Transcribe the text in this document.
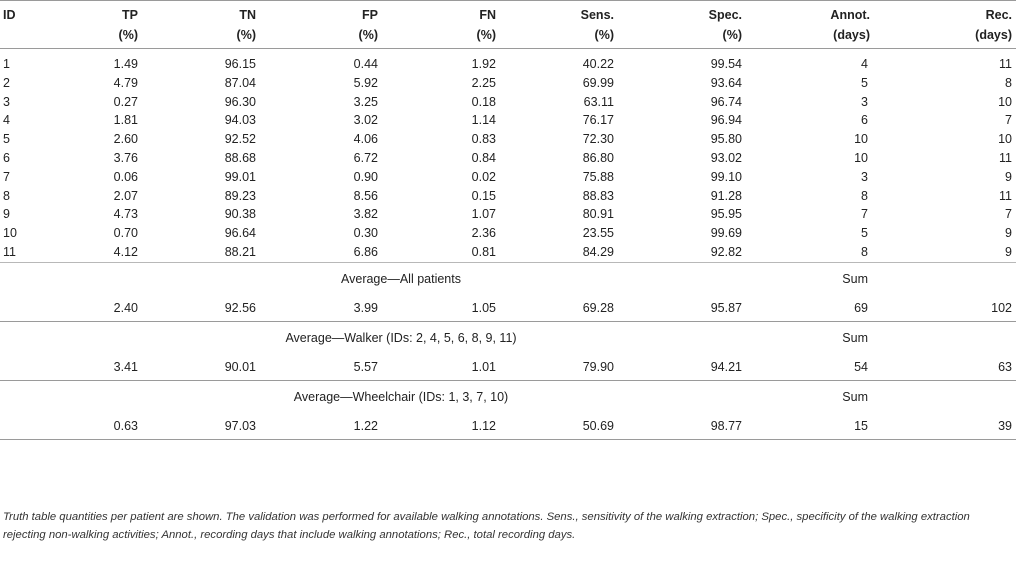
ID	TP	TN	FP	FN	Sens.	Spec.	Annot.	Rec.
	(%)	(%)	(%)	(%)	(%)	(%)	(days)	(days)

1	1.49	96.15	0.44	1.92	40.22	99.54	4	11
2	4.79	87.04	5.92	2.25	69.99	93.64	5	8
3	0.27	96.30	3.25	0.18	63.11	96.74	3	10
4	1.81	94.03	3.02	1.14	76.17	96.94	6	7
5	2.60	92.52	4.06	0.83	72.30	95.80	10	10
6	3.76	88.68	6.72	0.84	86.80	93.02	10	11
7	0.06	99.01	0.90	0.02	75.88	99.10	3	9
8	2.07	89.23	8.56	0.15	88.83	91.28	8	11
9	4.73	90.38	3.82	1.07	80.91	95.95	7	7
10	0.70	96.64	0.30	2.36	23.55	99.69	5	9
11	4.12	88.21	6.86	0.81	84.29	92.82	8	9
	Average—All patients						Sum	
	2.40	92.56	3.99	1.05	69.28	95.87	69	102
	Average—Walker (IDs: 2, 4, 5, 6, 8, 9, 11)						Sum	
	3.41	90.01	5.57	1.01	79.90	94.21	54	63
	Average—Wheelchair (IDs: 1, 3, 7, 10)						Sum	
	0.63	97.03	1.22	1.12	50.69	98.77	15	39
Truth table quantities per patient are shown. The validation was performed for available walking annotations. Sens., sensitivity of the walking extraction; Spec., specificity of the walking extraction rejecting non-walking activities; Annot., recording days that include walking annotations; Rec., total recording days.
